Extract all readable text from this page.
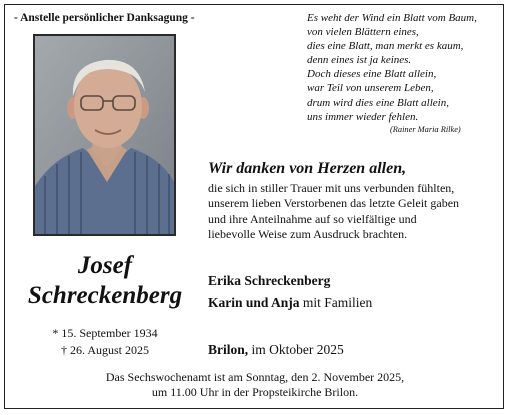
- Anstelle persönlicher Danksagung -	Es weht der Wind ein Blatt vom Baum,
von vielen Blättern eines,
dies eine Blatt, man merkt es kaum,
denn eines ist ja keines.
Doch dieses eine Blatt allein,
war Teil von unserem Leben,
drum wird dies eine Blatt allein,
uns immer wieder fehlen.
(Rainer Maria Rilke)
Wir danken von Herzen allen,
die sich in stiller Trauer mit uns verbunden fühlten,
unserem lieben Verstorbenen das letzte Geleit gaben
und ihre Anteilnahme auf so vielfältige und
liebevolle Weise zum Ausdruck brachten.
Josef
Schreckenberg
* 15. September 1934
† 26. August 2025
Erika Schreckenberg
Karin und Anja mit Familien
Brilon, im Oktober 2025
Das Sechswochenamt ist am Sonntag, den 2. November 2025,
um 11.00 Uhr in der Propsteikirche Brilon.
